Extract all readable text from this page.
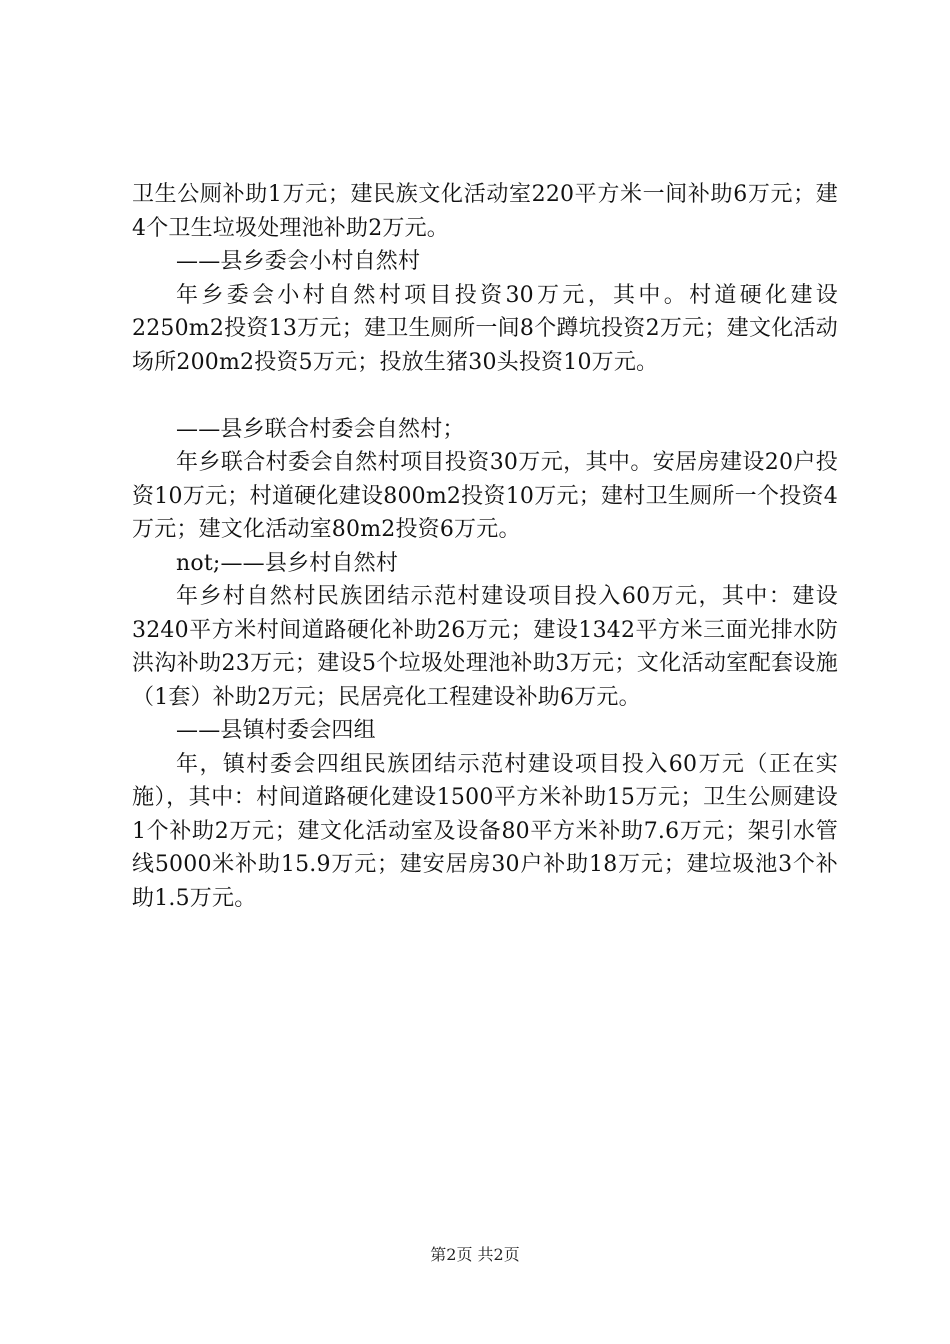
卫生公厕补助1万元；建民族文化活动室220平方米一间补助6万元；建4个卫生垃圾处理池补助2万元。

——县乡委会小村自然村

年乡委会小村自然村项目投资30万元，其中。村道硬化建设2250m2投资13万元；建卫生厕所一间8个蹲坑投资2万元；建文化活动场所200m2投资5万元；投放生猪30头投资10万元。

——县乡联合村委会自然村；

年乡联合村委会自然村项目投资30万元，其中。安居房建设20户投资10万元；村道硬化建设800m2投资10万元；建村卫生厕所一个投资4万元；建文化活动室80m2投资6万元。

not;——县乡村自然村

年乡村自然村民族团结示范村建设项目投入60万元，其中：建设3240平方米村间道路硬化补助26万元；建设1342平方米三面光排水防洪沟补助23万元；建设5个垃圾处理池补助3万元；文化活动室配套设施（1套）补助2万元；民居亮化工程建设补助6万元。

——县镇村委会四组

年，镇村委会四组民族团结示范村建设项目投入60万元（正在实施），其中：村间道路硬化建设1500平方米补助15万元；卫生公厕建设1个补助2万元；建文化活动室及设备80平方米补助7.6万元；架引水管线5000米补助15.9万元；建安居房30户补助18万元；建垃圾池3个补助1.5万元。

第2页 共2页
